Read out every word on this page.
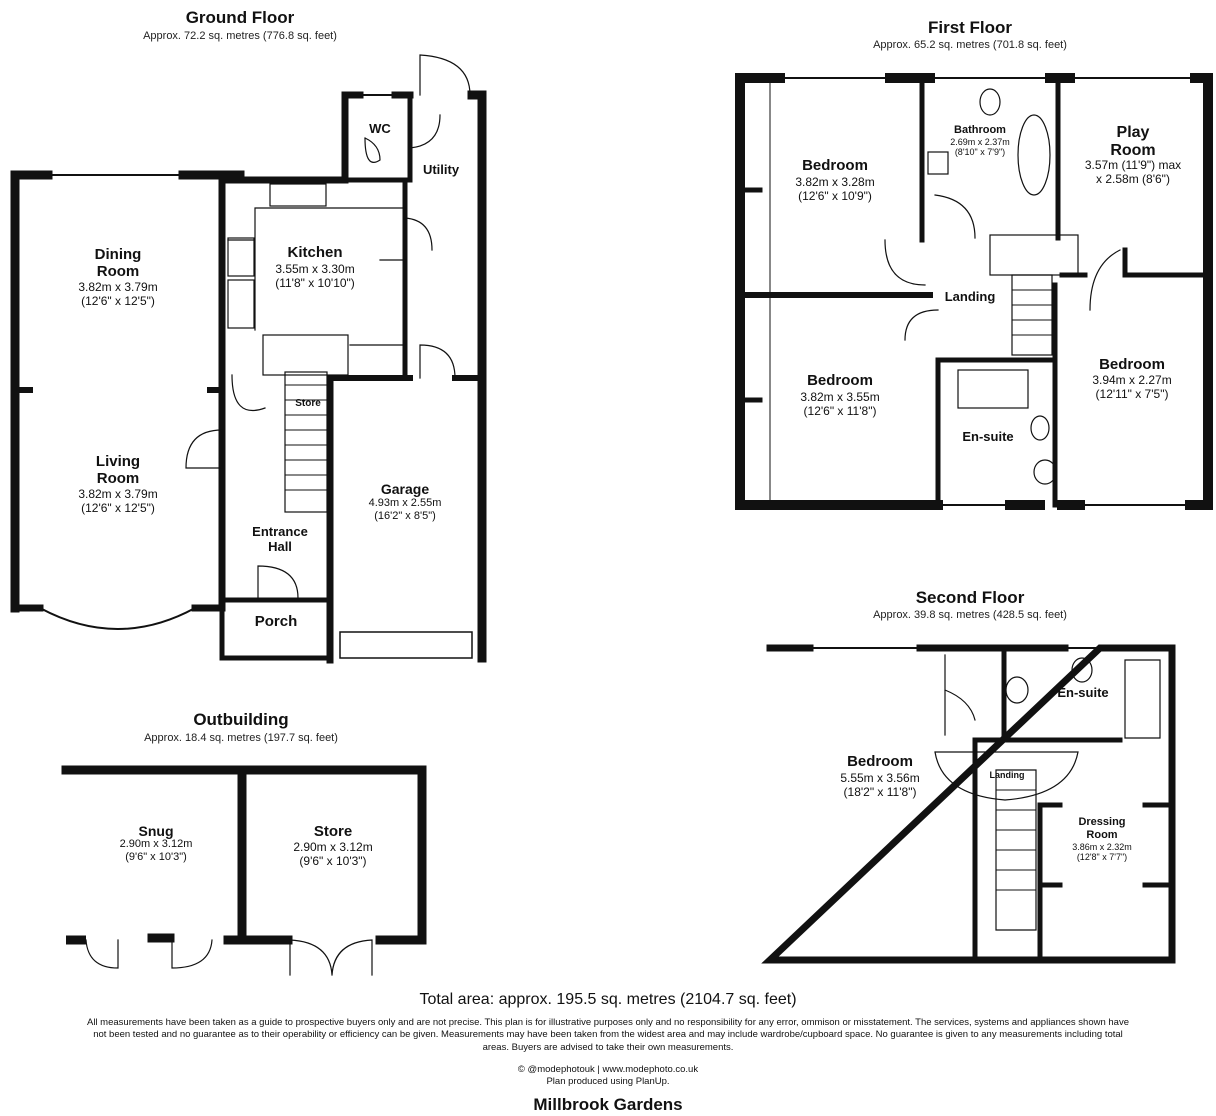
Ground Floor
Approx. 72.2 sq. metres (776.8 sq. feet)
Dining
Room
3.82m x 3.79m
(12'6" x 12'5")
Living
Room
3.82m x 3.79m
(12'6" x 12'5")
Kitchen
3.55m x 3.30m
(11'8" x 10'10")
WC
Utility
Store
Entrance
Hall
Porch
Garage
4.93m x 2.55m
(16'2" x 8'5")
First Floor
Approx. 65.2 sq. metres (701.8 sq. feet)
Bedroom
3.82m x 3.28m
(12'6" x 10'9")
Bathroom
2.69m x 2.37m
(8'10" x 7'9")
Play
Room
3.57m (11'9") max
x 2.58m (8'6")
Landing
Bedroom
3.82m x 3.55m
(12'6" x 11'8")
En-suite
Bedroom
3.94m x 2.27m
(12'11" x 7'5")
Second Floor
Approx. 39.8 sq. metres (428.5 sq. feet)
Bedroom
5.55m x 3.56m
(18'2" x 11'8")
En-suite
Landing
Dressing
Room
3.86m x 2.32m
(12'8" x 7'7")
Outbuilding
Approx. 18.4 sq. metres (197.7 sq. feet)
Snug
2.90m x 3.12m
(9'6" x 10'3")
Store
2.90m x 3.12m
(9'6" x 10'3")
Total area: approx. 195.5 sq. metres (2104.7 sq. feet)
All measurements have been taken as a guide to prospective buyers only and are not precise. This plan is for illustrative purposes only and no responsibility for any error, ommison or misstatement. The services, systems and appliances shown have not been tested and no guarantee as to their operability or efficiency can be given. Measurements may have been taken from the widest area and may include wardrobe/cupboard space. No guarantee is given to any measurements including total areas. Buyers are advised to take their own measurements.
© @modephotouk | www.modephoto.co.uk
Plan produced using PlanUp.
Millbrook Gardens
